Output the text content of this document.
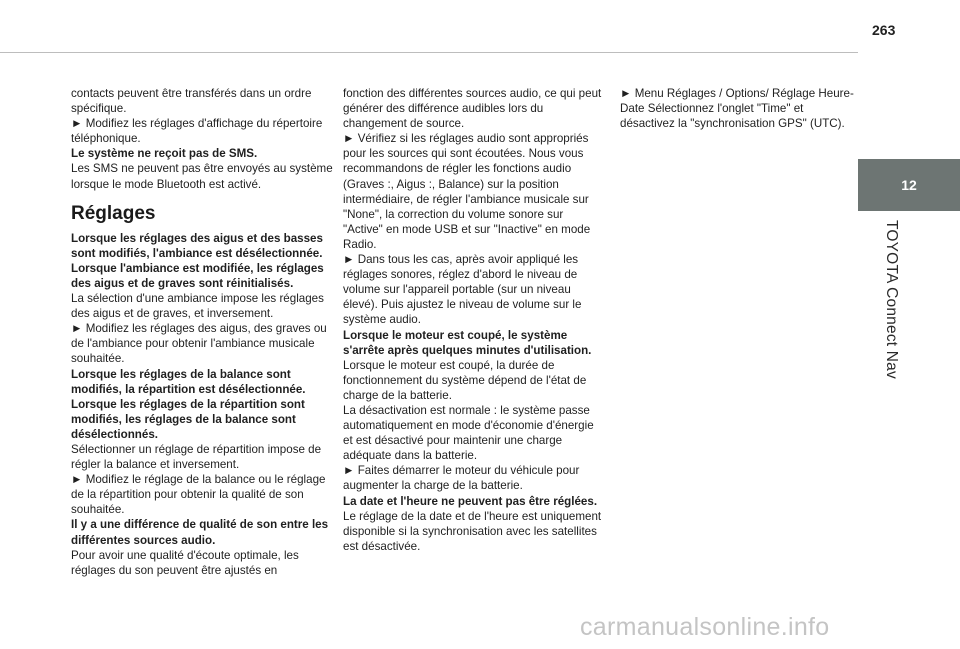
263
12
TOYOTA Connect Nav

contacts peuvent être transférés dans un ordre spécifique.

► Modifiez les réglages d'affichage du répertoire téléphonique.

Le système ne reçoit pas de SMS.

Les SMS ne peuvent pas être envoyés au système lorsque le mode Bluetooth est activé.

Réglages

Lorsque les réglages des aigus et des basses sont modifiés, l'ambiance est désélectionnée.

Lorsque l'ambiance est modifiée, les réglages des aigus et de graves sont réinitialisés.

La sélection d'une ambiance impose les réglages des aigus et de graves, et inversement.

► Modifiez les réglages des aigus, des graves ou de l'ambiance pour obtenir l'ambiance musicale souhaitée.

Lorsque les réglages de la balance sont modifiés, la répartition est désélectionnée.

Lorsque les réglages de la répartition sont modifiés, les réglages de la balance sont désélectionnés.

Sélectionner un réglage de répartition impose de régler la balance et inversement.

► Modifiez le réglage de la balance ou le réglage de la répartition pour obtenir la qualité de son souhaitée.

Il y a une différence de qualité de son entre les différentes sources audio.

Pour avoir une qualité d'écoute optimale, les réglages du son peuvent être ajustés en

fonction des différentes sources audio, ce qui peut générer des différence audibles lors du changement de source.

► Vérifiez si les réglages audio sont appropriés pour les sources qui sont écoutées. Nous vous recommandons de régler les fonctions audio (Graves :, Aigus :, Balance) sur la position intermédiaire, de régler l'ambiance musicale sur "None", la correction du volume sonore sur "Active" en mode USB et sur "Inactive" en mode Radio.

► Dans tous les cas, après avoir appliqué les réglages sonores, réglez d'abord le niveau de volume sur l'appareil portable (sur un niveau élevé). Puis ajustez le niveau de volume sur le système audio.

Lorsque le moteur est coupé, le système s'arrête après quelques minutes d'utilisation.

Lorsque le moteur est coupé, la durée de fonctionnement du système dépend de l'état de charge de la batterie.

La désactivation est normale : le système passe automatiquement en mode d'économie d'énergie et est désactivé pour maintenir une charge adéquate dans la batterie.

► Faites démarrer le moteur du véhicule pour augmenter la charge de la batterie.

La date et l'heure ne peuvent pas être réglées.

Le réglage de la date et de l'heure est uniquement disponible si la synchronisation avec les satellites est désactivée.

► Menu Réglages / Options/ Réglage Heure-Date Sélectionnez l'onglet "Time" et désactivez la "synchronisation GPS" (UTC).

carmanualsonline.info
